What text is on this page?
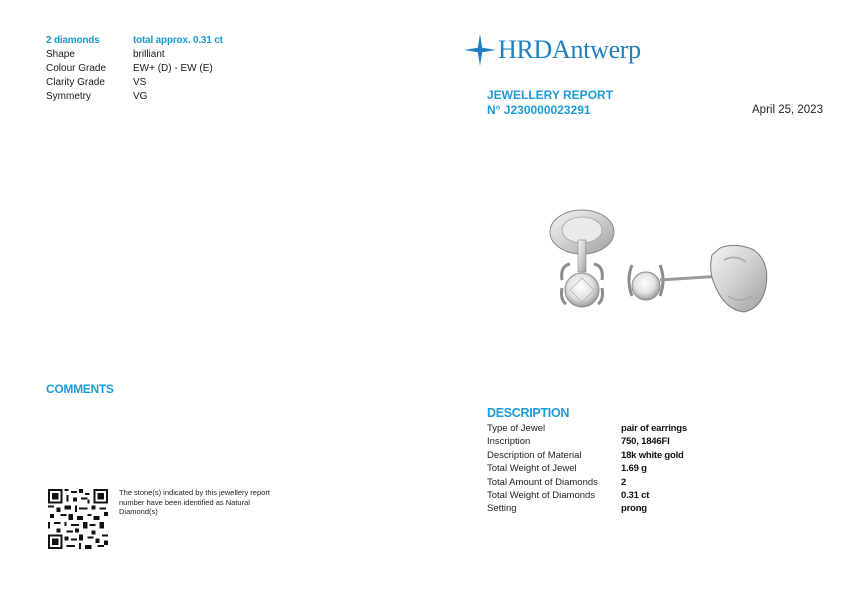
2 diamonds	total approx. 0.31 ct
Shape	brilliant
Colour Grade	EW+ (D) - EW (E)
Clarity Grade	VS
Symmetry	VG
HRDAntwerp
JEWELLERY REPORT
N° J230000023291	April 25, 2023
COMMENTS
The stone(s) indicated by this jewellery report number have been identified as Natural Diamond(s)
DESCRIPTION
Type of Jewel	pair of earrings
Inscription	750, 1846FI
Description of Material	18k white gold
Total Weight of Jewel	1.69 g
Total Amount of Diamonds	2
Total Weight of Diamonds	0.31 ct
Setting	prong
